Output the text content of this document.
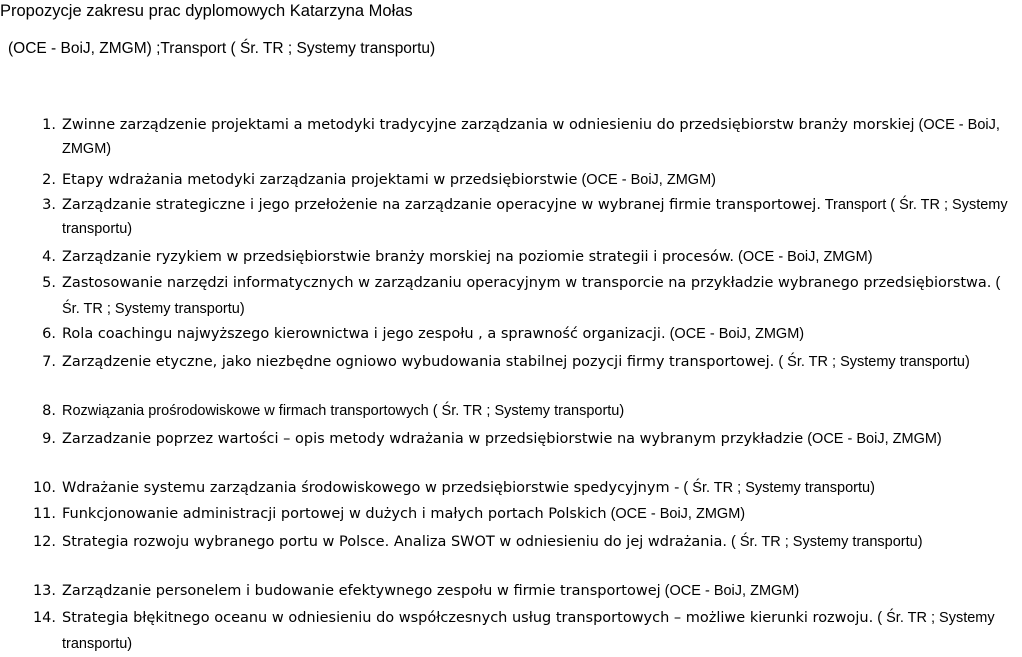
Propozycje zakresu prac dyplomowych Katarzyna Mołas
(OCE - BoiJ, ZMGM) ;Transport ( Śr. TR ; Systemy transportu)
1. Zwinne zarządzenie projektami a metodyki tradycyjne zarządzania w odniesieniu do przedsiębiorstw branży morskiej (OCE - BoiJ, ZMGM)
2. Etapy wdrażania metodyki zarządzania projektami w przedsiębiorstwie (OCE - BoiJ, ZMGM)
3. Zarządzanie strategiczne i jego przełożenie na zarządzanie operacyjne w wybranej firmie transportowej. Transport ( Śr. TR ; Systemy transportu)
4. Zarządzanie ryzykiem w przedsiębiorstwie branży morskiej na poziomie strategii i procesów. (OCE - BoiJ, ZMGM)
5. Zastosowanie narzędzi informatycznych w zarządzaniu operacyjnym w transporcie na przykładzie wybranego przedsiębiorstwa. ( Śr. TR ; Systemy transportu)
6. Rola coachingu najwyższego kierownictwa i jego zespołu , a sprawność organizacji. (OCE - BoiJ, ZMGM)
7. Zarządzenie etyczne, jako niezbędne ogniowo wybudowania stabilnej pozycji firmy transportowej. ( Śr. TR ; Systemy transportu)
8. Rozwiązania prośrodowiskowe w firmach transportowych ( Śr. TR ; Systemy transportu)
9. Zarzadzanie poprzez wartości – opis metody wdrażania w przedsiębiorstwie na wybranym przykładzie (OCE - BoiJ, ZMGM)
10. Wdrażanie systemu zarządzania środowiskowego w przedsiębiorstwie spedycyjnym - ( Śr. TR ; Systemy transportu)
11. Funkcjonowanie administracji portowej w dużych i małych portach Polskich (OCE - BoiJ, ZMGM)
12. Strategia rozwoju wybranego portu w Polsce. Analiza SWOT w odniesieniu do jej wdrażania. ( Śr. TR ; Systemy transportu)
13. Zarządzanie personelem i budowanie efektywnego zespołu w firmie transportowej (OCE - BoiJ, ZMGM)
14. Strategia błękitnego oceanu w odniesieniu do współczesnych usług transportowych – możliwe kierunki rozwoju. ( Śr. TR ; Systemy transportu)
